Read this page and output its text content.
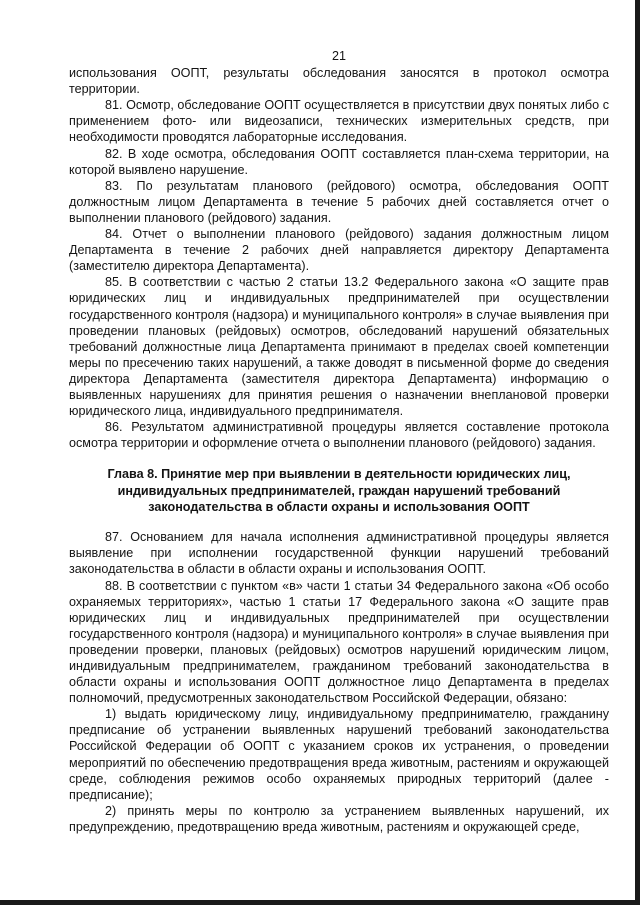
21

использования ООПТ, результаты обследования заносятся в протокол осмотра территории.

81. Осмотр, обследование ООПТ осуществляется в присутствии двух понятых либо с применением фото- или видеозаписи, технических измерительных средств, при необходимости проводятся лабораторные исследования.

82. В ходе осмотра, обследования ООПТ составляется план-схема территории, на которой выявлено нарушение.

83. По результатам планового (рейдового) осмотра, обследования ООПТ должностным лицом Департамента в течение 5 рабочих дней составляется отчет о выполнении планового (рейдового) задания.

84. Отчет о выполнении планового (рейдового) задания должностным лицом Департамента в течение 2 рабочих дней направляется директору Департамента (заместителю директора Департамента).

85. В соответствии с частью 2 статьи 13.2 Федерального закона «О защите прав юридических лиц и индивидуальных предпринимателей при осуществлении государственного контроля (надзора) и муниципального контроля» в случае выявления при проведении плановых (рейдовых) осмотров, обследований нарушений обязательных требований должностные лица Департамента принимают в пределах своей компетенции меры по пресечению таких нарушений, а также доводят в письменной форме до сведения директора Департамента (заместителя директора Департамента) информацию о выявленных нарушениях для принятия решения о назначении внеплановой проверки юридического лица, индивидуального предпринимателя.

86. Результатом административной процедуры является составление протокола осмотра территории и оформление отчета о выполнении планового (рейдового) задания.

Глава 8. Принятие мер при выявлении в деятельности юридических лиц, индивидуальных предпринимателей, граждан нарушений требований законодательства в области охраны и использования ООПТ

87. Основанием для начала исполнения административной процедуры является выявление при исполнении государственной функции нарушений требований законодательства в области в области охраны и использования ООПТ.

88. В соответствии с пунктом «в» части 1 статьи 34 Федерального закона «Об особо охраняемых территориях», частью 1 статьи 17 Федерального закона «О защите прав юридических лиц и индивидуальных предпринимателей при осуществлении государственного контроля (надзора) и муниципального контроля» в случае выявления при проведении проверки, плановых (рейдовых) осмотров нарушений юридическим лицом, индивидуальным предпринимателем, гражданином требований законодательства в области охраны и использования ООПТ должностное лицо Департамента в пределах полномочий, предусмотренных законодательством Российской Федерации, обязано:

1) выдать юридическому лицу, индивидуальному предпринимателю, гражданину предписание об устранении выявленных нарушений требований законодательства Российской Федерации об ООПТ с указанием сроков их устранения, о проведении мероприятий по обеспечению предотвращения вреда животным, растениям и окружающей среде, соблюдения режимов особо охраняемых природных территорий (далее - предписание);

2) принять меры по контролю за устранением выявленных нарушений, их предупреждению, предотвращению вреда животным, растениям и окружающей среде,
